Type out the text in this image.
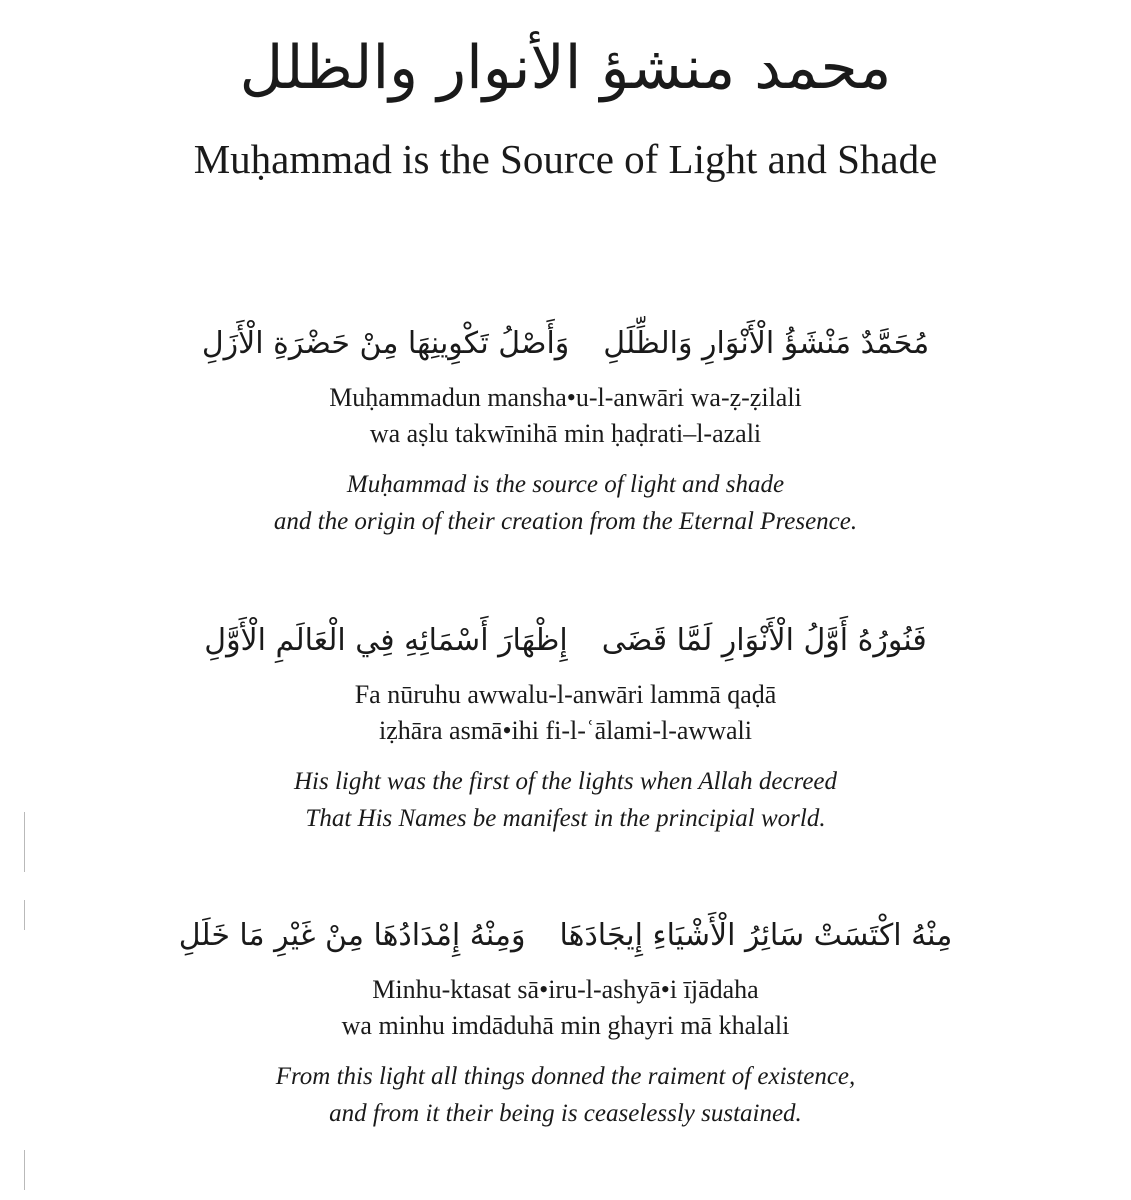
محمد منشؤ الأنوار والظلل
Muḥammad is the Source of Light and Shade
مُحَمَّدٌ مَنْشَؤُ الْأَنْوَارِ وَالظِّلَلِوَأَصْلُ تَكْوِينِهَا مِنْ حَضْرَةِ الْأَزَلِ
Muḥammadun mansha•u-l-anwāri wa-ẓ-ẓilali
wa aṣlu takwīnihā min ḥaḍrati–l-azali
Muḥammad is the source of light and shade
and the origin of their creation from the Eternal Presence.
فَنُورُهُ أَوَّلُ الْأَنْوَارِ لَمَّا قَضَىإِظْهَارَ أَسْمَائِهِ فِي الْعَالَمِ الْأَوَّلِ
Fa nūruhu awwalu-l-anwāri lammā qaḍā
iẓhāra asmā•ihi fi-l-ʿālami-l-awwali
His light was the first of the lights when Allah decreed
That His Names be manifest in the principial world.
مِنْهُ اكْتَسَتْ سَائِرُ الْأَشْيَاءِ إِيجَادَهَاوَمِنْهُ إِمْدَادُهَا مِنْ غَيْرِ مَا خَلَلِ
Minhu-ktasat sā•iru-l-ashyā•i ījādaha
wa minhu imdāduhā min ghayri mā khalali
From this light all things donned the raiment of existence,
and from it their being is ceaselessly sustained.
